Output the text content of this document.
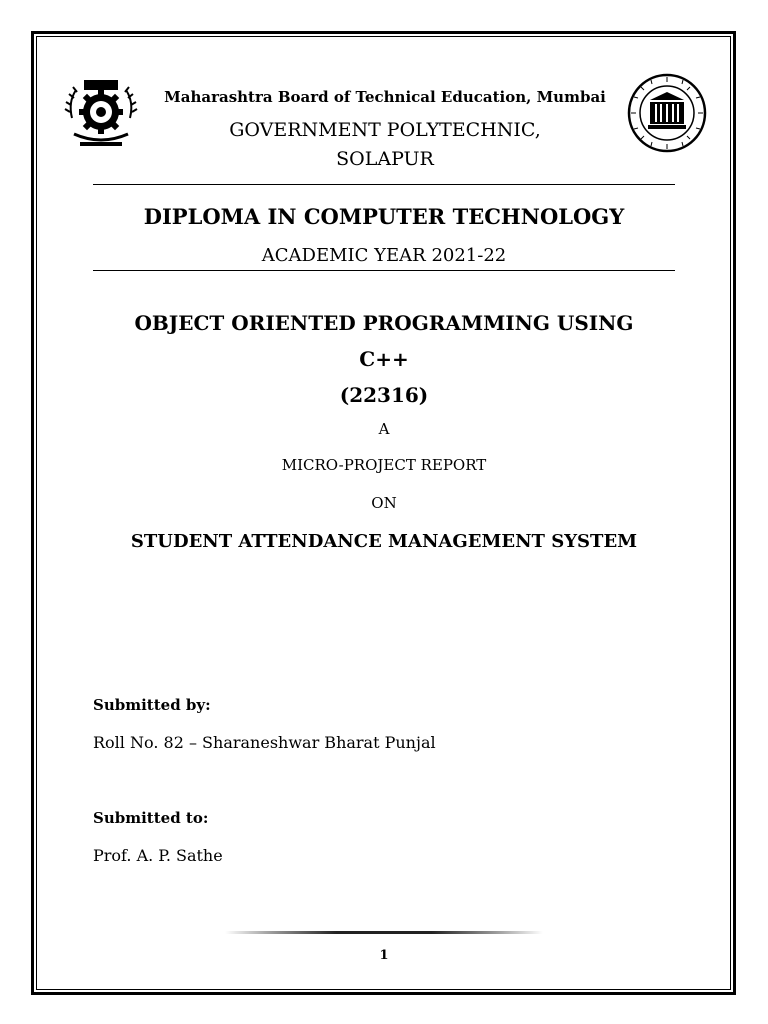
Maharashtra Board of Technical Education, Mumbai
GOVERNMENT POLYTECHNIC,
SOLAPUR
DIPLOMA IN COMPUTER TECHNOLOGY
ACADEMIC YEAR 2021-22
OBJECT ORIENTED PROGRAMMING USING
C++
(22316)
A
MICRO-PROJECT REPORT
ON
STUDENT ATTENDANCE MANAGEMENT SYSTEM
Submitted by:
Roll No. 82 – Sharaneshwar Bharat Punjal
Submitted to:
Prof. A. P. Sathe
1
